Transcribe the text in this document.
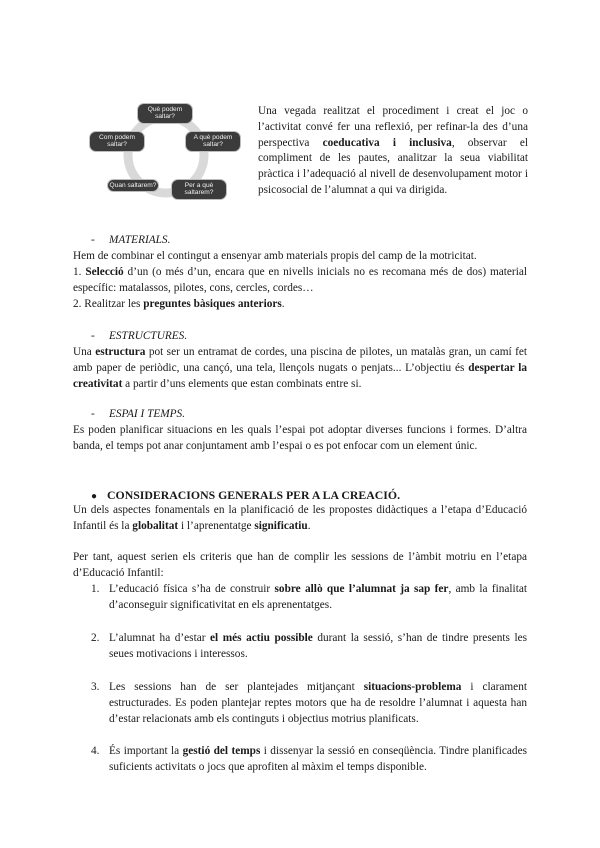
Què podem saltar?
A què podem saltar?
Per a què saltarem?
Quan saltarem?
Com podem saltar?

Una vegada realitzat el procediment i creat el joc o l’activitat convé fer una reflexió, per refinar-la des d’una perspectiva coeducativa i inclusiva, observar el compliment de les pautes, analitzar la seua viabilitat pràctica i l’adequació al nivell de desenvolupament motor i psicosocial de l’alumnat a qui va dirigida.

- MATERIALS.

Hem de combinar el contingut a ensenyar amb materials propis del camp de la motricitat.

1. Selecció d’un (o més d’un, encara que en nivells inicials no es recomana més de dos) material específic: matalassos, pilotes, cons, cercles, cordes…

2. Realitzar les preguntes bàsiques anteriors.

- ESTRUCTURES.

Una estructura pot ser un entramat de cordes, una piscina de pilotes, un matalàs gran, un camí fet amb paper de periòdic, una cançó, una tela, llençols nugats o penjats... L’objectiu és despertar la creativitat a partir d’uns elements que estan combinats entre si.

- ESPAI I TEMPS.

Es poden planificar situacions en les quals l’espai pot adoptar diverses funcions i formes. D’altra banda, el temps pot anar conjuntament amb l’espai o es pot enfocar com un element únic.

● CONSIDERACIONS GENERALS PER A LA CREACIÓ.

Un dels aspectes fonamentals en la planificació de les propostes didàctiques a l’etapa d’Educació Infantil és la globalitat i l’aprenentatge significatiu.

Per tant, aquest serien els criteris que han de complir les sessions de l’àmbit motriu en l’etapa d’Educació Infantil:

1. L’educació física s’ha de construir sobre allò que l’alumnat ja sap fer, amb la finalitat d’aconseguir significativitat en els aprenentatges.

2. L’alumnat ha d’estar el més actiu possible durant la sessió, s’han de tindre presents les seues motivacions i interessos.

3. Les sessions han de ser plantejades mitjançant situacions-problema i clarament estructurades. Es poden plantejar reptes motors que ha de resoldre l’alumnat i aquesta han d’estar relacionats amb els continguts i objectius motrius planificats.

4. És important la gestió del temps i dissenyar la sessió en conseqüència. Tindre planificades suficients activitats o jocs que aprofiten al màxim el temps disponible.
